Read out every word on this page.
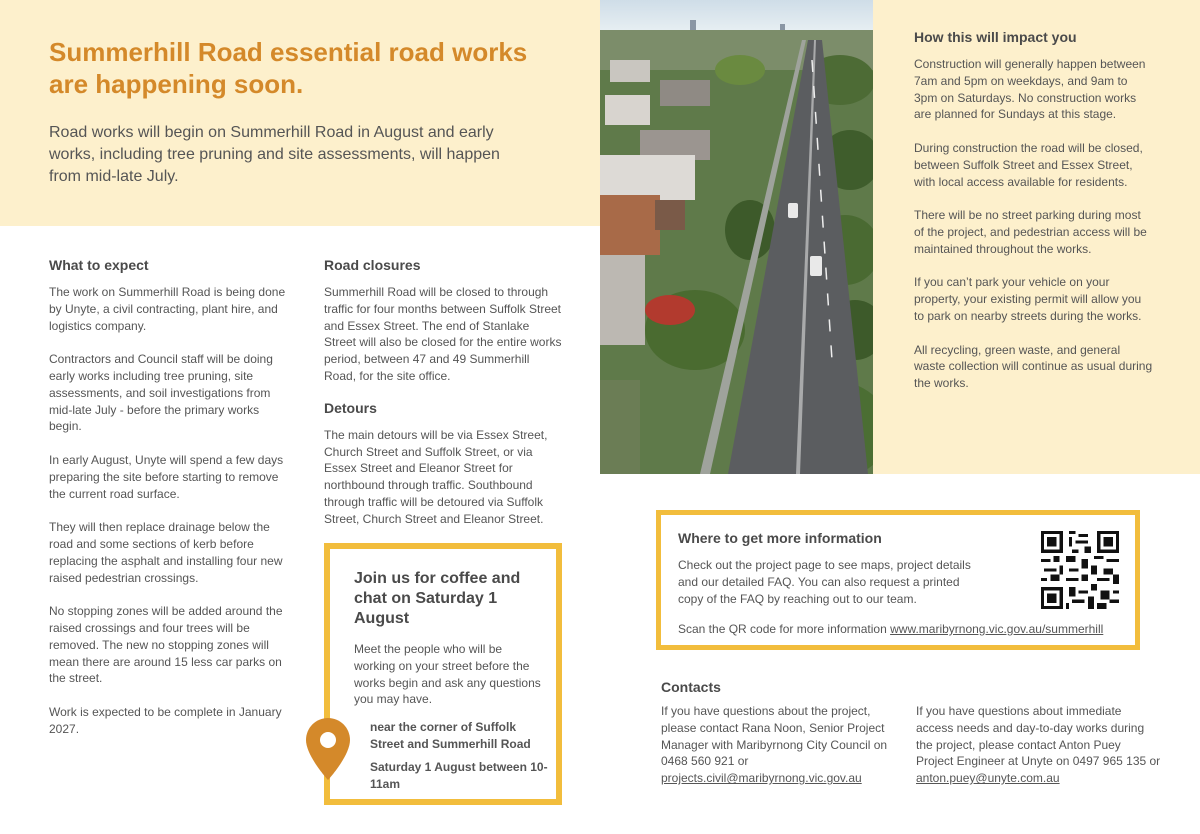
Summerhill Road essential road works are happening soon.

Road works will begin on Summerhill Road in August and early works, including tree pruning and site assessments, will happen from mid-late July.

What to expect

The work on Summerhill Road is being done by Unyte, a civil contracting, plant hire, and logistics company.

Contractors and Council staff will be doing early works including tree pruning, site assessments, and soil investigations from mid-late July - before the primary works begin.

In early August, Unyte will spend a few days preparing the site before starting to remove the current road surface.

They will then replace drainage below the road and some sections of kerb before replacing the asphalt and installing four new raised pedestrian crossings.

No stopping zones will be added around the raised crossings and four trees will be removed. The new no stopping zones will mean there are around 15 less car parks on the street.

Work is expected to be complete in January 2027.

Road closures

Summerhill Road will be closed to through traffic for four months between Suffolk Street and Essex Street. The end of Stanlake Street will also be closed for the entire works period, between 47 and 49 Summerhill Road, for the site office.

Detours

The main detours will be via Essex Street, Church Street and Suffolk Street, or via Essex Street and Eleanor Street for northbound through traffic. Southbound through traffic will be detoured via Suffolk Street, Church Street and Eleanor Street.

Join us for coffee and chat on Saturday 1 August
Meet the people who will be working on your street before the works begin and ask any questions you may have.
near the corner of Suffolk Street and Summerhill Road
Saturday 1 August between 10-11am
How this will impact you

Construction will generally happen between 7am and 5pm on weekdays, and 9am to 3pm on Saturdays. No construction works are planned for Sundays at this stage.

During construction the road will be closed, between Suffolk Street and Essex Street, with local access available for residents.

There will be no street parking during most of the project, and pedestrian access will be maintained throughout the works.

If you can’t park your vehicle on your property, your existing permit will allow you to park on nearby streets during the works.

All recycling, green waste, and general waste collection will continue as usual during the works.

Where to get more information
Check out the project page to see maps, project details and our detailed FAQ. You can also request a printed copy of the FAQ by reaching out to our team.
Scan the QR code for more information www.maribyrnong.vic.gov.au/summerhill
Contacts
If you have questions about the project, please contact Rana Noon, Senior Project Manager with Maribyrnong City Council on 0468 560 921 or projects.civil@maribyrnong.vic.gov.au
If you have questions about immediate access needs and day-to-day works during the project, please contact Anton Puey Project Engineer at Unyte on 0497 965 135 or anton.puey@unyte.com.au
